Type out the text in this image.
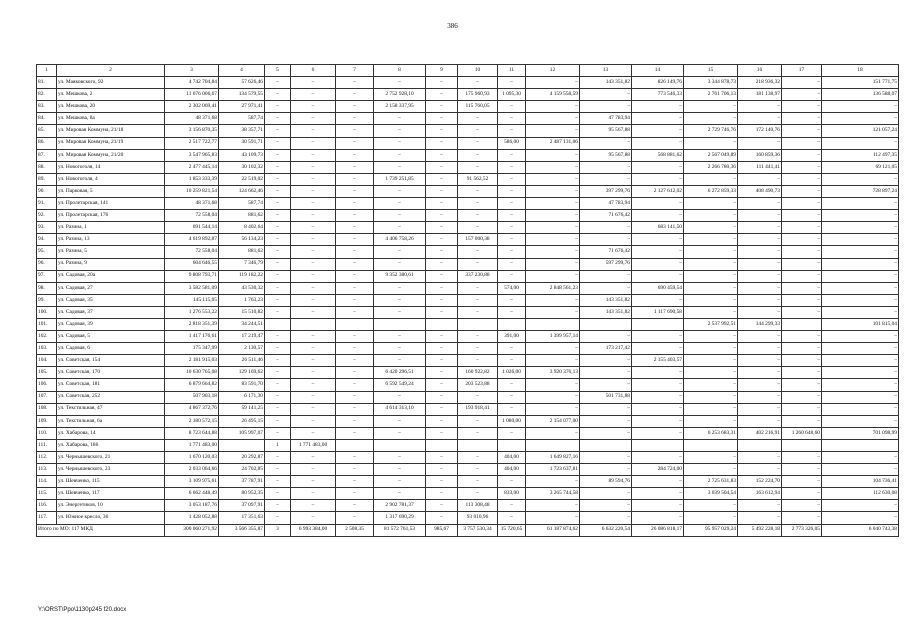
386
1	2	3	4	5	6	7	8	9	10	11	12	13	14	15	16	17	18
81.	ул. Маяковского, 92	4 742 704,84	57 626,46	–	–	–	–	–	–	–	–	143 351,82	826 149,76	3 344 878,73	218 936,32	–	151 771,75
82.	ул. Мешкова, 2	11 076 006,67	134 579,55	–	–	–	2 752 928,10	–	175 960,93	1 095,30	4 159 558,59	–	773 546,33	2 761 706,13	181 138,97	–	136 588,07
83.	ул. Мешкова, 20	2 302 069,41	27 971,41	–	–	–	2 158 337,95	–	115 760,05	–	–	–	–	–	–	–	–
84.	ул. Мешкова, 8а	48 371,68	587,74	–	–	–	–	–	–	–	–	47 783,94	–	–	–	–	–
85.	ул. Мировая Коммуна, 21/18	3 156 870,35	38 357,71	–	–	–	–	–	–	–	–	95 567,88	–	2 729 746,76	172 140,76	–	121 057,24
86.	ул. Мировая Коммуна, 21/19	2 517 722,77	30 591,71	–	–	–	–	–	–	586,00	2 487 131,06	–	–	–	–	–	–
87.	ул. Мировая Коммуна, 21/20	3 547 965,83	43 109,73	–	–	–	–	–	–	–	–	95 567,88	568 881,62	2 567 049,89	160 859,36	–	112 497,35
88.	ул. Новогоголя, 14	2 477 445,14	30 102,32	–	–	–	–	–	–	–	–	–	–	2 266 780,36	111 441,41	–	69 121,05
89.	ул. Новогоголя, 4	1 853 333,39	22 519,02	–	–	–	1 739 251,85	–	91 562,52	–	–	–	–	–	–	–	–
90.	ул. Парковая, 5	10 259 821,54	124 662,46	–	–	–	–	–	–	–	–	397 299,76	2 127 612,02	6 272 859,33	408 490,73	–	728 897,24
91.	ул. Пролетарская, 141	48 371,68	587,74	–	–	–	–	–	–	–	–	47 783,94	–	–	–	–	–
92.	ул. Пролетарская, 176	72 558,04	881,62	–	–	–	–	–	–	–	–	71 676,42	–	–	–	–	–
93.	ул. Разина, 1	691 544,14	8 402,64	–	–	–	–	–	–	–	–	–	683 141,50	–	–	–	–
94.	ул. Разина, 13	4 619 892,87	56 134,23	–	–	–	4 406 758,26	–	157 000,38	–	–	–	–	–	–	–	–
95.	ул. Разина, 5	72 558,04	881,62	–	–	–	–	–	–	–	–	71 676,42	–	–	–	–	–
96.	ул. Разина, 9	604 646,55	7 346,79	–	–	–	–	–	–	–	–	597 299,76	–	–	–	–	–
97.	ул. Садовая, 20а	9 808 793,71	119 182,22	–	–	–	9 352 380,61	–	337 230,88	–	–	–	–	–	–	–	–
98.	ул. Садовая, 27	3 582 581,09	43 530,32	–	–	–	–	–	–	574,00	2 848 561,23	–	690 459,54	–	–	–	–
99.	ул. Садовая, 35	145 115,05	1 763,23	–	–	–	–	–	–	–	–	143 351,82	–	–	–	–	–
100.	ул. Садовая, 37	1 276 553,22	15 510,82	–	–	–	–	–	–	–	–	143 351,82	1 117 690,58	–	–	–	–
101.	ул. Садовая, 39	2 818 351,39	34 244,51											2 537 992,51	144 299,33		101 815,04
102.	ул. Садовая, 5	1 417 176,61	17 219,47	–	–	–	–	–	–	391,00	1 399 957,14	–	–	–	–	–	–
103.	ул. Садовая, 6	175 347,99	2 130,57	–	–	–	–	–	–	–	–	173 217,42	–	–	–	–	–
104.	ул. Советская, 154	2 181 915,03	26 511,46	–	–	–	–	–	–	–	–	–	2 155 403,57	–	–	–	–
105.	ул. Советская, 170	10 630 765,08	129 169,62	–	–	–	6 420 296,51	–	160 922,82	1 026,00	3 920 376,13	–	–	–	–	–	–
106.	ул. Советская, 181	6 879 664,82	83 591,70	–	–	–	6 592 549,24	–	203 523,88	–	–	–	–	–	–	–	–
107.	ул. Советская, 252	507 903,18	6 171,30	–	–	–	–	–	–	–	–	501 731,88	–	–	–	–	–
108.	ул. Текстильная, 47	4 867 372,76	59 141,25	–	–	–	4 614 313,10	–	193 918,41	–	–	–	–	–	–	–	–
109.	ул. Текстильная, 6а	2 180 572,15	26 495,15	–	–	–	–	–	–	1 080,00	2 154 077,00	–	–	–	–	–	–
110.	ул. Хабарова, 14	8 723 644,88	105 997,07	–	–	–	–	–	–	–	–	–	–	6 253 683,31	402 216,91	1 260 648,60	701 098,99
111.	ул. Хабарова, 186	1 771 483,00		1	1 771 483,00												
112.	ул. Чернышевского, 21	1 670 120,03	20 292,87	–	–	–	–	–	–	404,00	1 649 827,16	–	–	–	–	–	–
113.	ул. Чернышевского, 23	2 033 064,66	24 702,85	–	–	–	–	–	–	404,00	1 723 637,81	–	284 724,00	–	–	–	–
114.	ул. Шевченко, 115	3 109 975,61	37 787,91	–	–	–	–	–	–	–	–	89 594,76	–	2 725 631,83	152 224,70	–	104 736,41
115.	ул. Шевченко, 117	6 662 448,49	80 952,35	–	–	–	–	–	–	833,00	3 265 744,58	–	–	3 039 504,54	163 612,94	–	112 630,08
116.	ул. Энергетиков, 10	3 053 187,76	37 097,91	–	–	–	2 902 781,37	–	113 308,48	–	–	–	–	–	–	–	–
117.	ул. Южное кресло, 36	1 428 052,88	17 351,63	–	–	–	1 317 690,29	–	93 010,96	–	–	–	–	–	–	–	–
Итого по МО: 117 МКД		300 060 271,92	3 566 355,87	3	6 993 384,00	2 508,35	81 572 761,53	985,67	3 757 530,34	15 720,65	61 187 874,62	6 632 220,54	26 086 818,17	95 957 029,24	5 492 228,18	2 773 326,05	6 040 743,38
Y:\ORST\Ppo\1130p245 f20.docx
